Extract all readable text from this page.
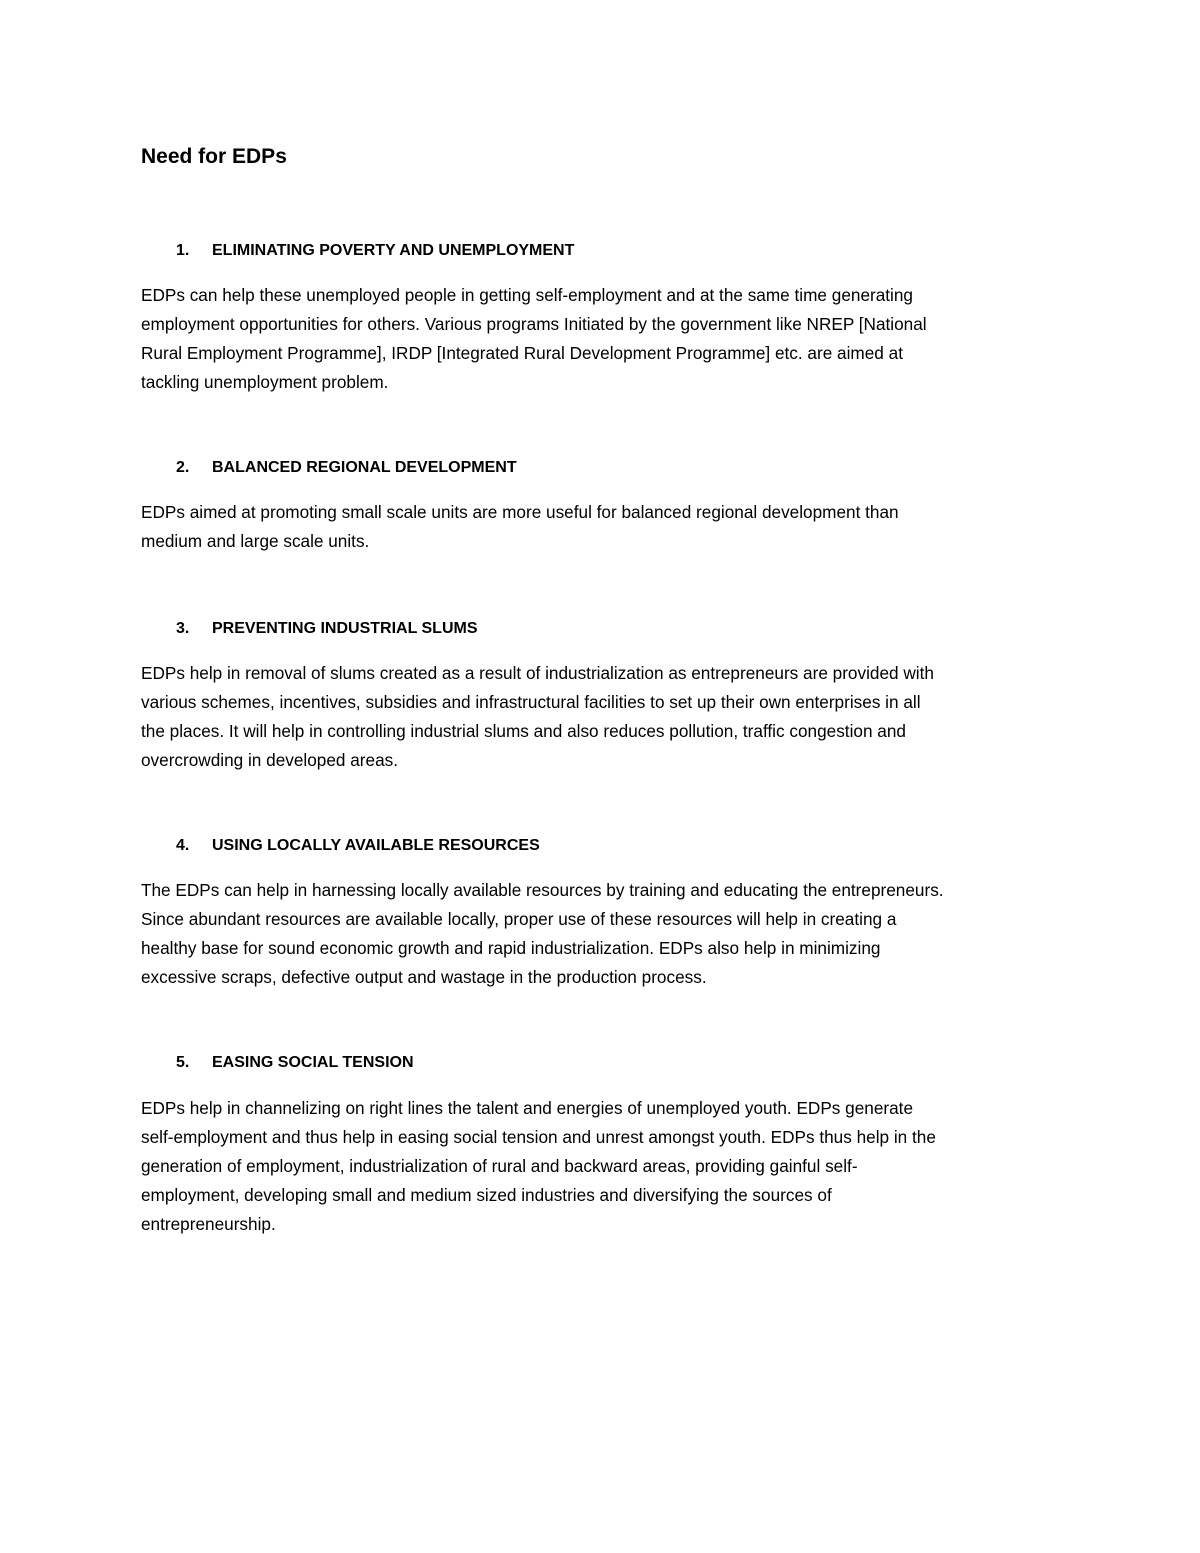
Need for EDPs
1. ELIMINATING POVERTY AND UNEMPLOYMENT
EDPs can help these unemployed people in getting self-employment and at the same time generating
employment opportunities for others. Various programs Initiated by the government like NREP [National
Rural Employment Programme], IRDP [Integrated Rural Development Programme] etc. are aimed at
tackling unemployment problem.
2. BALANCED REGIONAL DEVELOPMENT
EDPs aimed at promoting small scale units are more useful for balanced regional development than
medium and large scale units.
3. PREVENTING INDUSTRIAL SLUMS
EDPs help in removal of slums created as a result of industrialization as entrepreneurs are provided with
various schemes, incentives, subsidies and infrastructural facilities to set up their own enterprises in all
the places. It will help in controlling industrial slums and also reduces pollution, traffic congestion and
overcrowding in developed areas.
4. USING LOCALLY AVAILABLE RESOURCES
The EDPs can help in harnessing locally available resources by training and educating the entrepreneurs.
Since abundant resources are available locally, proper use of these resources will help in creating a
healthy base for sound economic growth and rapid industrialization. EDPs also help in minimizing
excessive scraps, defective output and wastage in the production process.
5. EASING SOCIAL TENSION
EDPs help in channelizing on right lines the talent and energies of unemployed youth. EDPs generate
self-employment and thus help in easing social tension and unrest amongst youth. EDPs thus help in the
generation of employment, industrialization of rural and backward areas, providing gainful self-
employment, developing small and medium sized industries and diversifying the sources of
entrepreneurship.
